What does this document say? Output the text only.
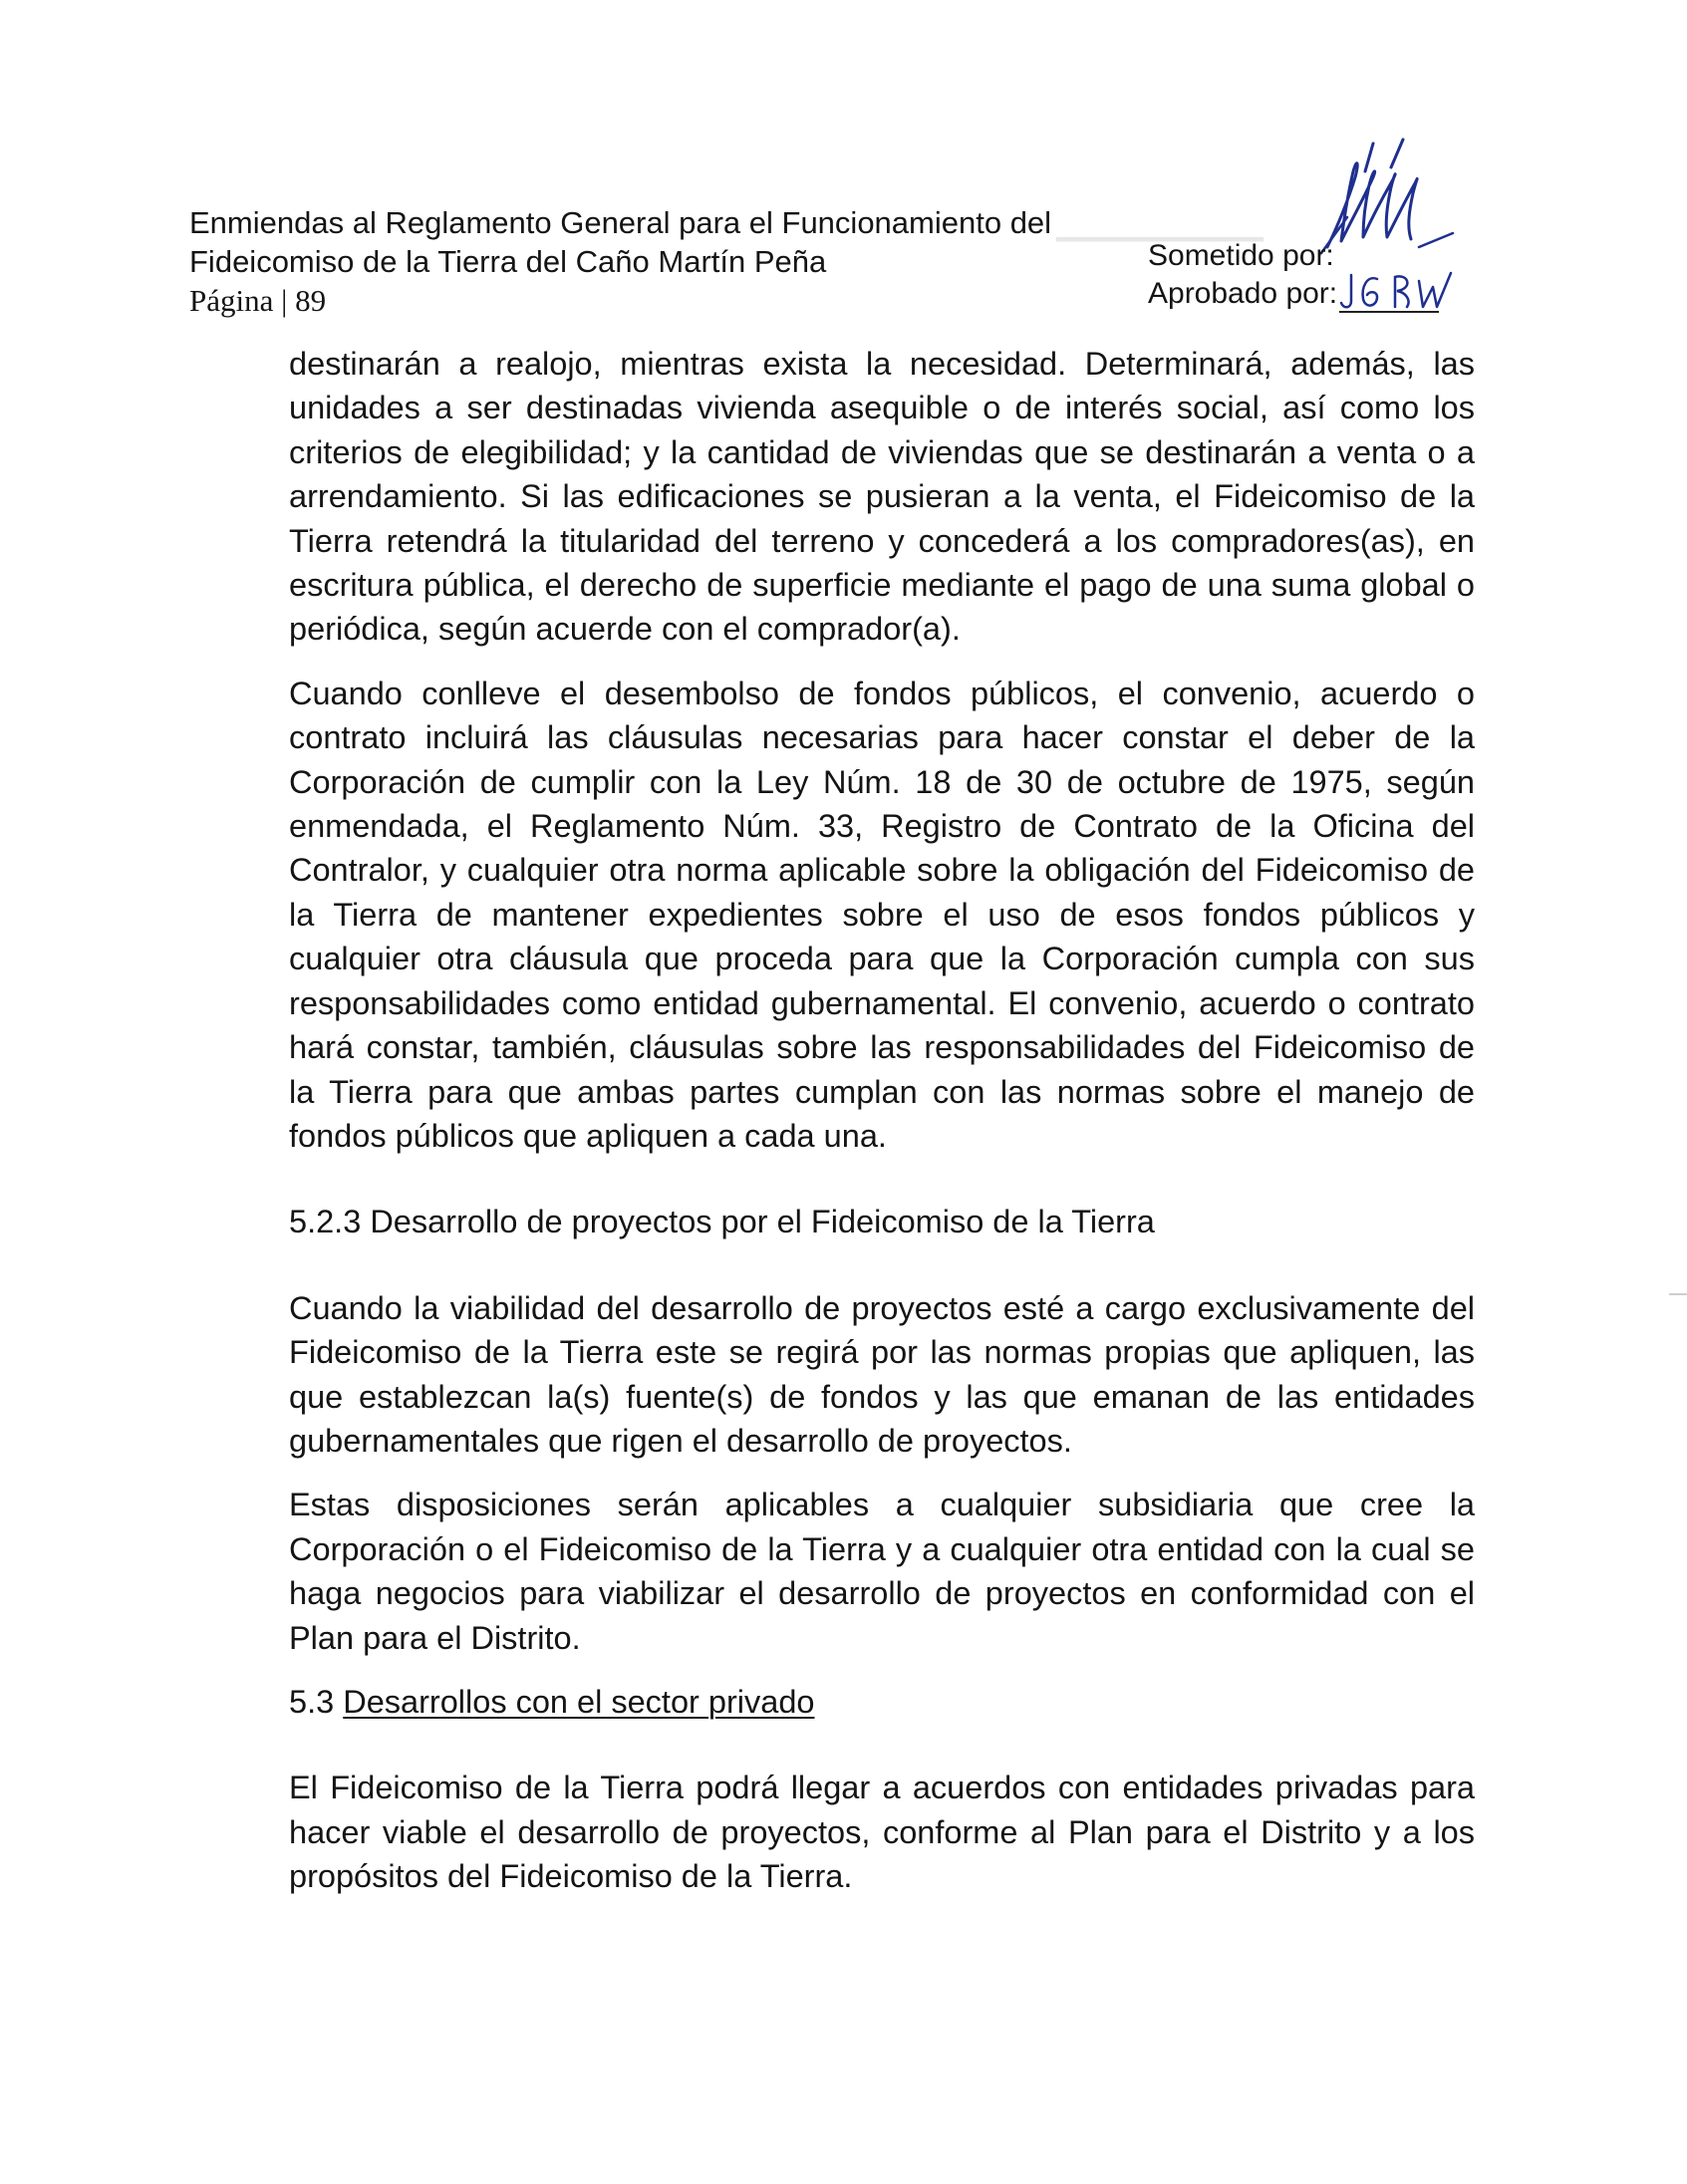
▁▁▁▁▁▁▁▁▁
Enmiendas al Reglamento General para el Funcionamiento del
Fideicomiso de la Tierra del Caño Martín Peña
Página | 89
Sometido por:
Aprobado por:

destinarán a realojo, mientras exista la necesidad. Determinará, además, las unidades a ser destinadas vivienda asequible o de interés social, así como los criterios de elegibilidad; y la cantidad de viviendas que se destinarán a venta o a arrendamiento. Si las edificaciones se pusieran a la venta, el Fideicomiso de la Tierra retendrá la titularidad del terreno y concederá a los compradores(as), en escritura pública, el derecho de superficie mediante el pago de una suma global o periódica, según acuerde con el comprador(a).

Cuando conlleve el desembolso de fondos públicos, el convenio, acuerdo o contrato incluirá las cláusulas necesarias para hacer constar el deber de la Corporación de cumplir con la Ley Núm. 18 de 30 de octubre de 1975, según enmendada, el Reglamento Núm. 33, Registro de Contrato de la Oficina del Contralor, y cualquier otra norma aplicable sobre la obligación del Fideicomiso de la Tierra de mantener expedientes sobre el uso de esos fondos públicos y cualquier otra cláusula que proceda para que la Corporación cumpla con sus responsabilidades como entidad gubernamental. El convenio, acuerdo o contrato hará constar, también, cláusulas sobre las responsabilidades del Fideicomiso de la Tierra para que ambas partes cumplan con las normas sobre el manejo de fondos públicos que apliquen a cada una.

5.2.3 Desarrollo de proyectos por el Fideicomiso de la Tierra

Cuando la viabilidad del desarrollo de proyectos esté a cargo exclusivamente del Fideicomiso de la Tierra este se regirá por las normas propias que apliquen, las que establezcan la(s) fuente(s) de fondos y las que emanan de las entidades gubernamentales que rigen el desarrollo de proyectos.

Estas disposiciones serán aplicables a cualquier subsidiaria que cree la Corporación o el Fideicomiso de la Tierra y a cualquier otra entidad con la cual se haga negocios para viabilizar el desarrollo de proyectos en conformidad con el Plan para el Distrito.

5.3 Desarrollos con el sector privado

El Fideicomiso de la Tierra podrá llegar a acuerdos con entidades privadas para hacer viable el desarrollo de proyectos, conforme al Plan para el Distrito y a los propósitos del Fideicomiso de la Tierra.
